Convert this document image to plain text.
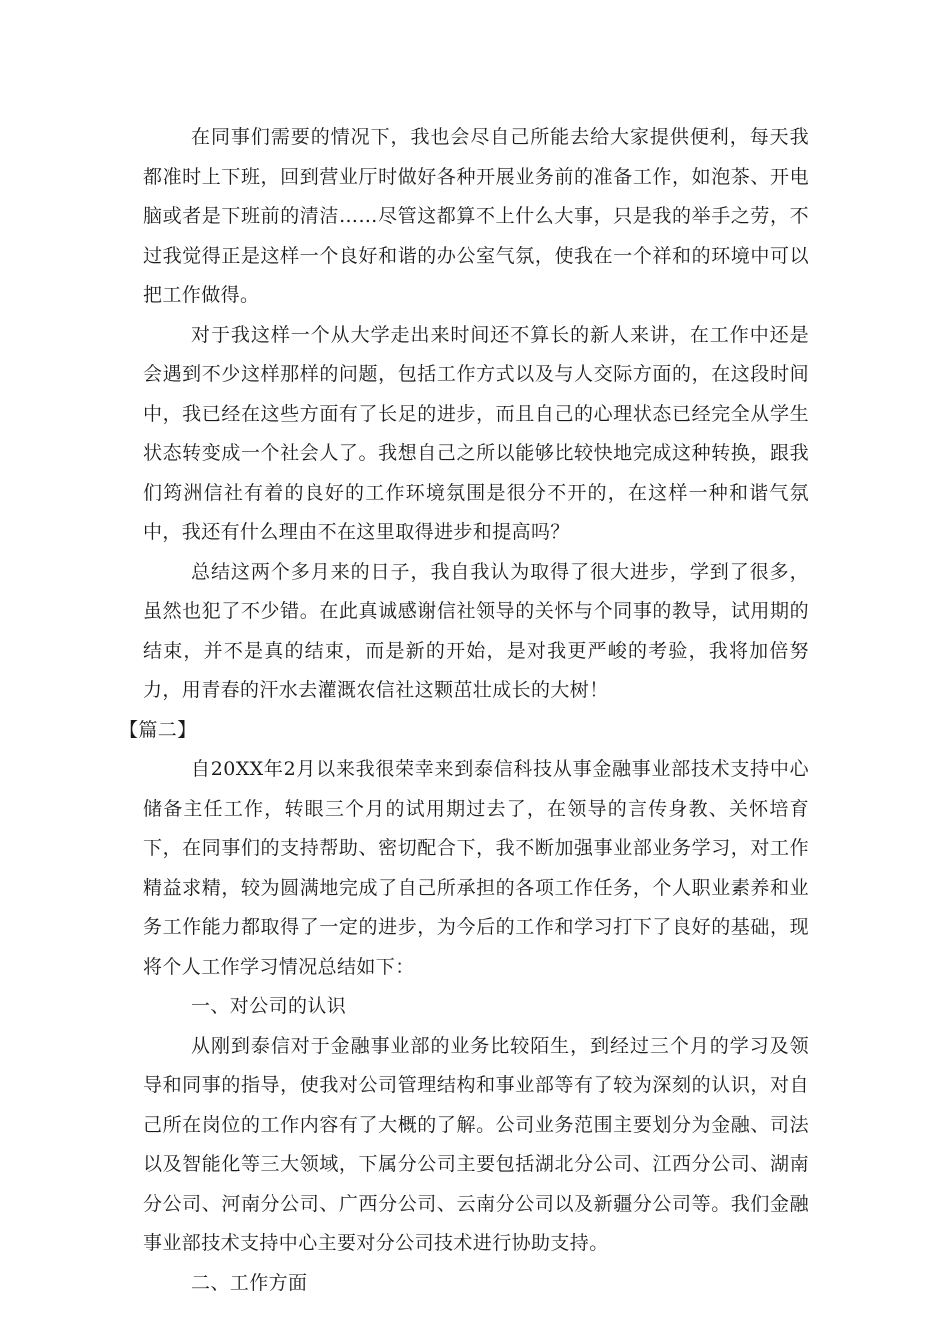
在同事们需要的情况下，我也会尽自己所能去给大家提供便利，每天我都准时上下班，回到营业厅时做好各种开展业务前的准备工作，如泡茶、开电脑或者是下班前的清洁……尽管这都算不上什么大事，只是我的举手之劳，不过我觉得正是这样一个良好和谐的办公室气氛，使我在一个祥和的环境中可以把工作做得。

对于我这样一个从大学走出来时间还不算长的新人来讲，在工作中还是会遇到不少这样那样的问题，包括工作方式以及与人交际方面的，在这段时间中，我已经在这些方面有了长足的进步，而且自己的心理状态已经完全从学生状态转变成一个社会人了。我想自己之所以能够比较快地完成这种转换，跟我们筠洲信社有着的良好的工作环境氛围是很分不开的，在这样一种和谐气氛中，我还有什么理由不在这里取得进步和提高吗？

总结这两个多月来的日子，我自我认为取得了很大进步，学到了很多，虽然也犯了不少错。在此真诚感谢信社领导的关怀与个同事的教导，试用期的结束，并不是真的结束，而是新的开始，是对我更严峻的考验，我将加倍努力，用青春的汗水去灌溉农信社这颗茁壮成长的大树！

【篇二】

自20XX年2月以来我很荣幸来到泰信科技从事金融事业部技术支持中心储备主任工作，转眼三个月的试用期过去了，在领导的言传身教、关怀培育下，在同事们的支持帮助、密切配合下，我不断加强事业部业务学习，对工作精益求精，较为圆满地完成了自己所承担的各项工作任务，个人职业素养和业务工作能力都取得了一定的进步，为今后的工作和学习打下了良好的基础，现将个人工作学习情况总结如下：

一、对公司的认识

从刚到泰信对于金融事业部的业务比较陌生，到经过三个月的学习及领导和同事的指导，使我对公司管理结构和事业部等有了较为深刻的认识，对自己所在岗位的工作内容有了大概的了解。公司业务范围主要划分为金融、司法以及智能化等三大领域，下属分公司主要包括湖北分公司、江西分公司、湖南分公司、河南分公司、广西分公司、云南分公司以及新疆分公司等。我们金融事业部技术支持中心主要对分公司技术进行协助支持。

二、工作方面
